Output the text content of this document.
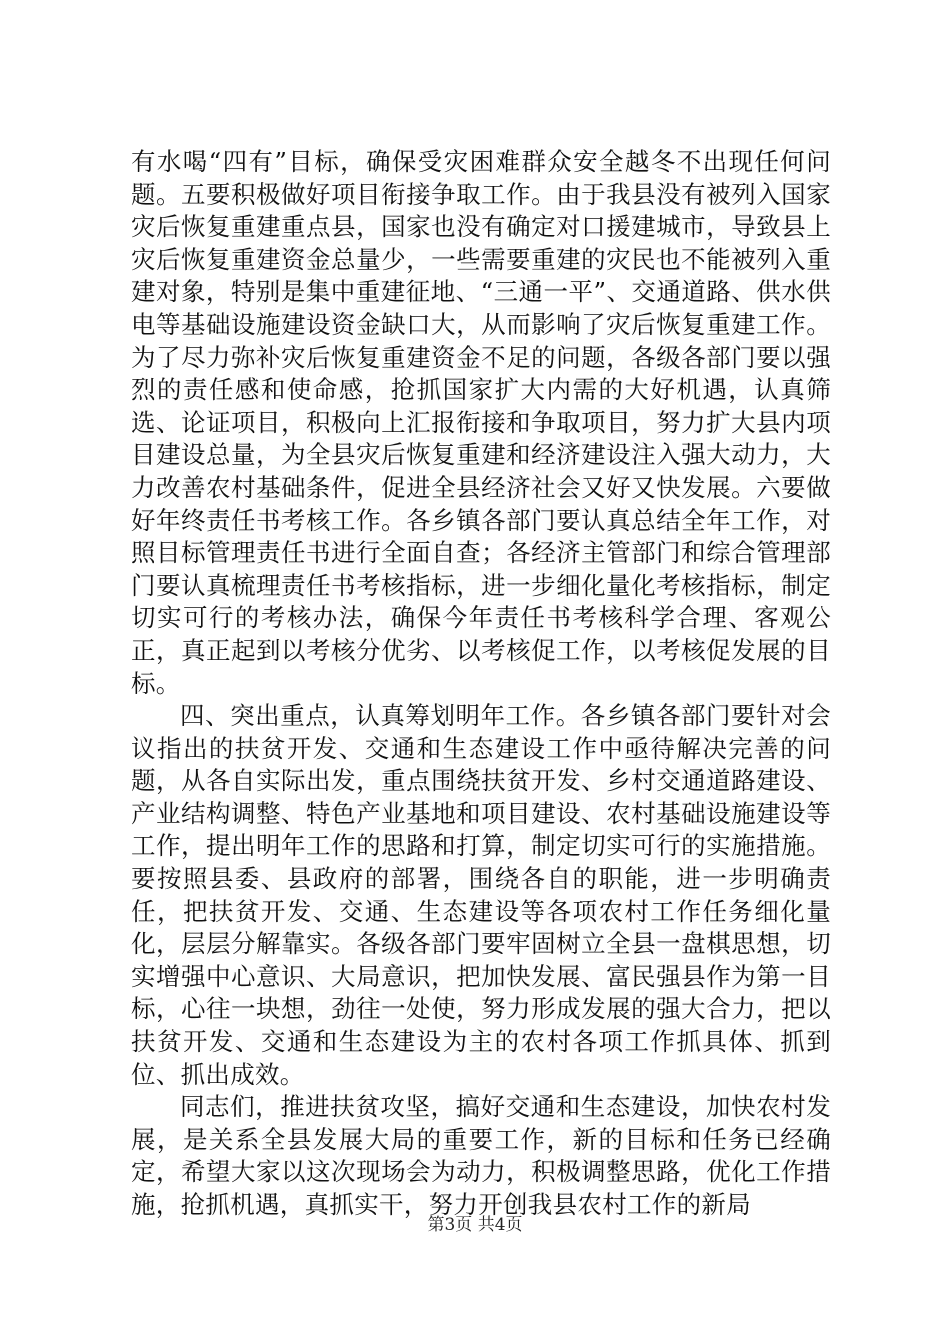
有水喝“四有”目标，确保受灾困难群众安全越冬不出现任何问题。五要积极做好项目衔接争取工作。由于我县没有被列入国家灾后恢复重建重点县，国家也没有确定对口援建城市，导致县上灾后恢复重建资金总量少，一些需要重建的灾民也不能被列入重建对象，特别是集中重建征地、“三通一平”、交通道路、供水供电等基础设施建设资金缺口大，从而影响了灾后恢复重建工作。为了尽力弥补灾后恢复重建资金不足的问题，各级各部门要以强烈的责任感和使命感，抢抓国家扩大内需的大好机遇，认真筛选、论证项目，积极向上汇报衔接和争取项目，努力扩大县内项目建设总量，为全县灾后恢复重建和经济建设注入强大动力，大力改善农村基础条件，促进全县经济社会又好又快发展。六要做好年终责任书考核工作。各乡镇各部门要认真总结全年工作，对照目标管理责任书进行全面自查；各经济主管部门和综合管理部门要认真梳理责任书考核指标，进一步细化量化考核指标，制定切实可行的考核办法，确保今年责任书考核科学合理、客观公正，真正起到以考核分优劣、以考核促工作，以考核促发展的目标。

四、突出重点，认真筹划明年工作。各乡镇各部门要针对会议指出的扶贫开发、交通和生态建设工作中亟待解决完善的问题，从各自实际出发，重点围绕扶贫开发、乡村交通道路建设、产业结构调整、特色产业基地和项目建设、农村基础设施建设等工作，提出明年工作的思路和打算，制定切实可行的实施措施。要按照县委、县政府的部署，围绕各自的职能，进一步明确责任，把扶贫开发、交通、生态建设等各项农村工作任务细化量化，层层分解靠实。各级各部门要牢固树立全县一盘棋思想，切实增强中心意识、大局意识，把加快发展、富民强县作为第一目标，心往一块想，劲往一处使，努力形成发展的强大合力，把以扶贫开发、交通和生态建设为主的农村各项工作抓具体、抓到位、抓出成效。

同志们，推进扶贫攻坚，搞好交通和生态建设，加快农村发展，是关系全县发展大局的重要工作，新的目标和任务已经确定，希望大家以这次现场会为动力，积极调整思路，优化工作措施，抢抓机遇，真抓实干，努力开创我县农村工作的新局

第3页 共4页
